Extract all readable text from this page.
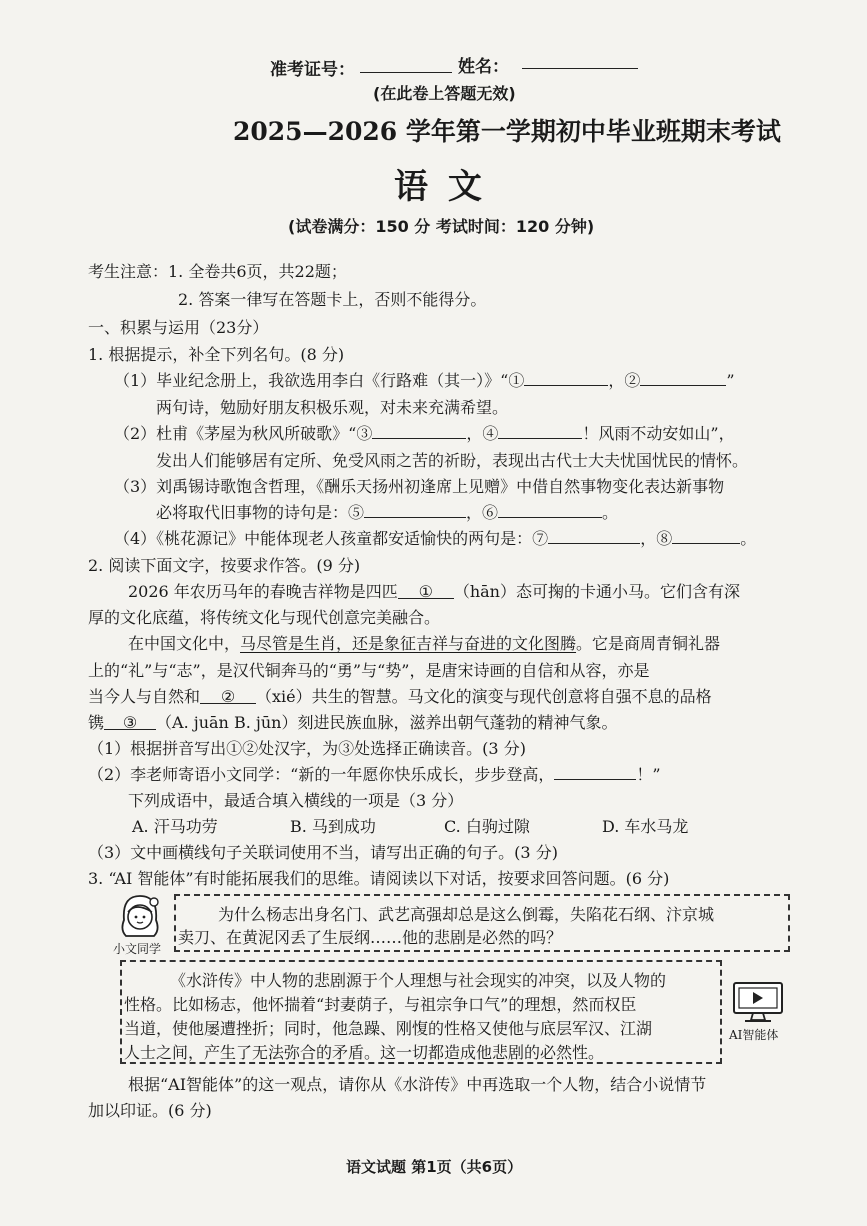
准考证号：	姓名：
(在此卷上答题无效)
2025—2026 学年第一学期初中毕业班期末考试
语 文
(试卷满分：150 分 考试时间：120 分钟)
考生注意：1. 全卷共6页，共22题；
2. 答案一律写在答题卡上，否则不能得分。
一、积累与运用（23分）
1. 根据提示，补全下列名句。(8 分)
（1）毕业纪念册上，我欲选用李白《行路难（其一）》“①	，②	”
两句诗，勉励好朋友积极乐观，对未来充满希望。
（2）杜甫《茅屋为秋风所破歌》“③	，④	！风雨不动安如山”，
发出人们能够居有定所、免受风雨之苦的祈盼，表现出古代士大夫忧国忧民的情怀。
（3）刘禹锡诗歌饱含哲理，《酬乐天扬州初逢席上见赠》中借自然事物变化表达新事物
必将取代旧事物的诗句是：⑤	，⑥	。
（4）《桃花源记》中能体现老人孩童都安适愉快的两句是：⑦	，⑧	。
2. 阅读下面文字，按要求作答。(9 分)
2026 年农历马年的春晚吉祥物是四匹 ① （hān）态可掬的卡通小马。它们含有深
厚的文化底蕴，将传统文化与现代创意完美融合。
在中国文化中，马尽管是生肖，还是象征吉祥与奋进的文化图腾。它是商周青铜礼器
上的“礼”与“志”，是汉代铜奔马的“勇”与“势”，是唐宋诗画的自信和从容，亦是
当今人与自然和 ② （xié）共生的智慧。马文化的演变与现代创意将自强不息的品格
镌 ③ （A. juān B. jūn）刻进民族血脉，滋养出朝气蓬勃的精神气象。
（1）根据拼音写出①②处汉字，为③处选择正确读音。(3 分)
（2）李老师寄语小文同学：“新的一年愿你快乐成长，步步登高，	！”
下列成语中，最适合填入横线的一项是（3 分）
A. 汗马功劳	B. 马到成功	C. 白驹过隙	D. 车水马龙
（3）文中画横线句子关联词使用不当，请写出正确的句子。(3 分)
3. “AI 智能体”有时能拓展我们的思维。请阅读以下对话，按要求回答问题。(6 分)
小文同学
为什么杨志出身名门、武艺高强却总是这么倒霉，失陷花石纲、汴京城
卖刀、在黄泥冈丢了生辰纲……他的悲剧是必然的吗？
《水浒传》中人物的悲剧源于个人理想与社会现实的冲突，以及人物的
性格。比如杨志，他怀揣着“封妻荫子，与祖宗争口气”的理想，然而权臣
当道，使他屡遭挫折；同时，他急躁、刚愎的性格又使他与底层军汉、江湖
人士之间，产生了无法弥合的矛盾。这一切都造成他悲剧的必然性。
AI智能体
根据“AI智能体”的这一观点，请你从《水浒传》中再选取一个人物，结合小说情节
加以印证。(6 分)
语文试题 第1页（共6页）
